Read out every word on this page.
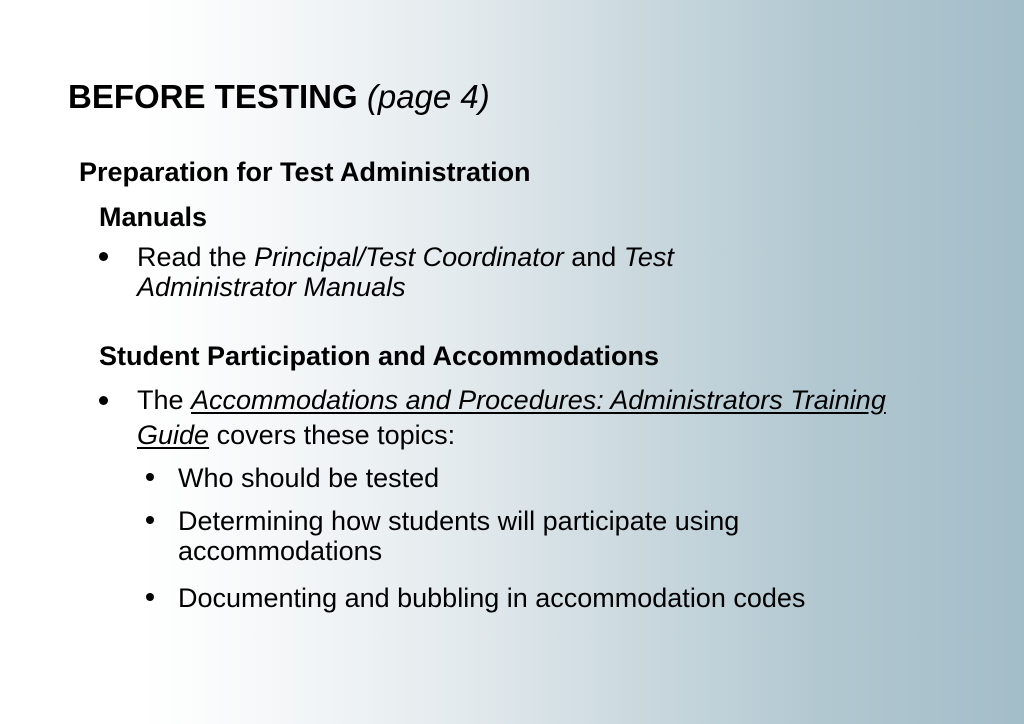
BEFORE TESTING (page 4)
Preparation for Test Administration
Manuals
Read the Principal/Test Coordinator and Test Administrator Manuals
Student Participation and Accommodations
The Accommodations and Procedures: Administrators Training Guide covers these topics:
Who should be tested
Determining how students will participate using accommodations
Documenting and bubbling in accommodation codes
